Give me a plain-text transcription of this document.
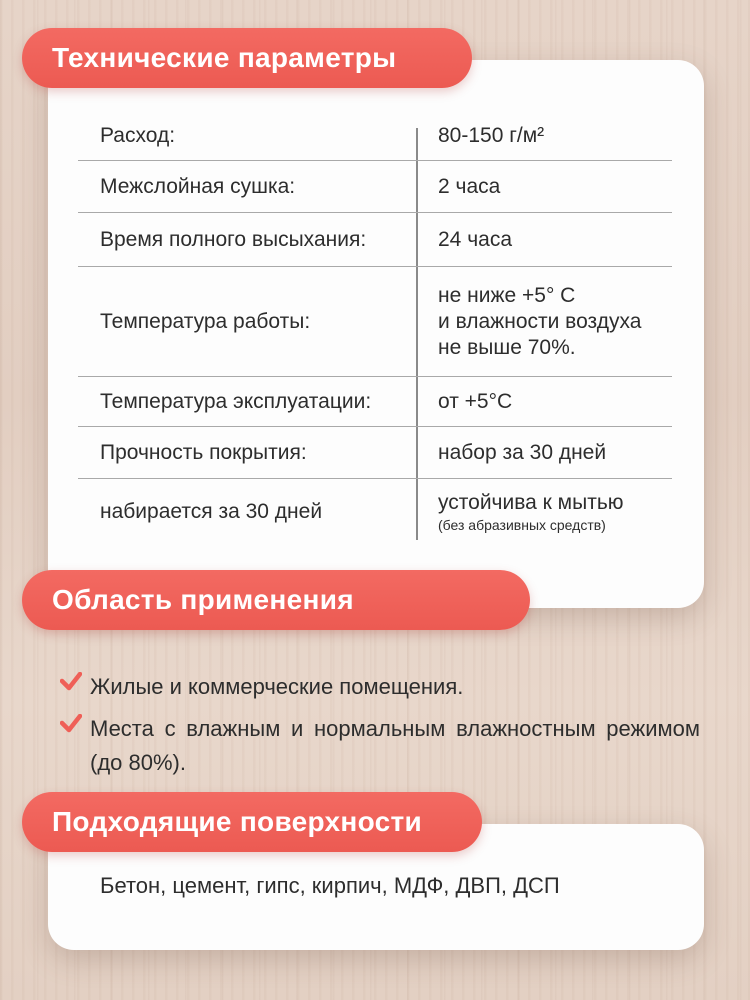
Технические параметры
Расход:	80-150 г/м²
Межслойная сушка:	2 часа
Время полного высыхания:	24 часа
Температура работы:
не ниже +5° С
и влажности воздуха
не выше 70%.
Температура эксплуатации:	от +5°С
Прочность покрытия:	набор за 30 дней
набирается за 30 дней	устойчива к мытью
(без абразивных средств)
Область применения
Жилые и коммерческие помещения.
Места с влажным и нормальным влажностным режимом (до 80%).
Подходящие поверхности
Бетон, цемент, гипс, кирпич, МДФ, ДВП, ДСП
